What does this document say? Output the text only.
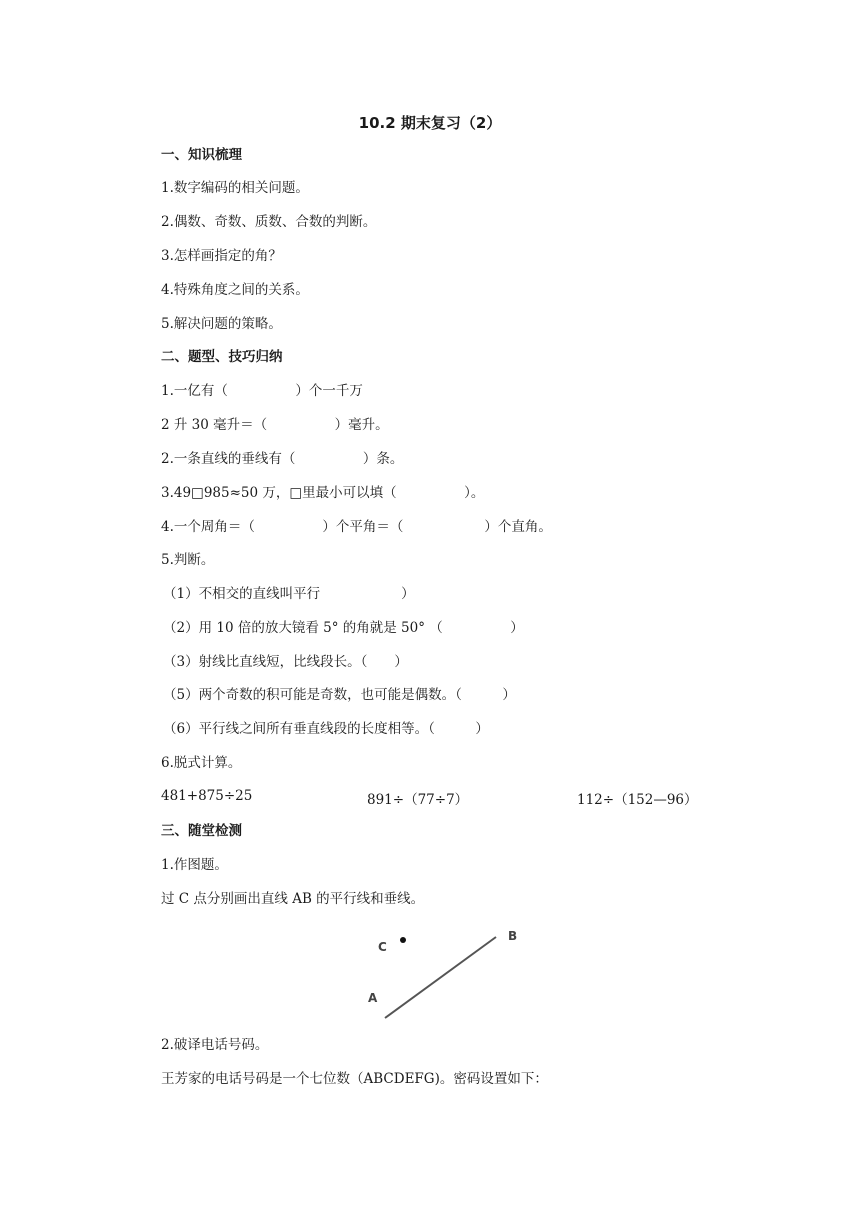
10.2 期末复习（2）
一、知识梳理
1.数字编码的相关问题。
2.偶数、奇数、质数、合数的判断。
3.怎样画指定的角？
4.特殊角度之间的关系。
5.解决问题的策略。
二、题型、技巧归纳
1.一亿有（　　　　　）个一千万
2 升 30 毫升＝（　　　　　）毫升。
2.一条直线的垂线有（　　　　　）条。
3.49□985≈50 万，□里最小可以填（　　　　　）。
4.一个周角＝（　　　　　）个平角＝（　　　　　　）个直角。
5.判断。
（1）不相交的直线叫平行　　　　　　）
（2）用 10 倍的放大镜看 5° 的角就是 50° （　　　　　）
（3）射线比直线短，比线段长。（　　）
（5）两个奇数的积可能是奇数，也可能是偶数。（　　　）
（6）平行线之间所有垂直线段的长度相等。（　　　）
6.脱式计算。
481+875÷25	891÷（77÷7）	112÷（152—96）
三、随堂检测
1.作图题。
过 C 点分别画出直线 AB 的平行线和垂线。
C
A
B
2.破译电话号码。
王芳家的电话号码是一个七位数（ABCDEFG)。密码设置如下：
